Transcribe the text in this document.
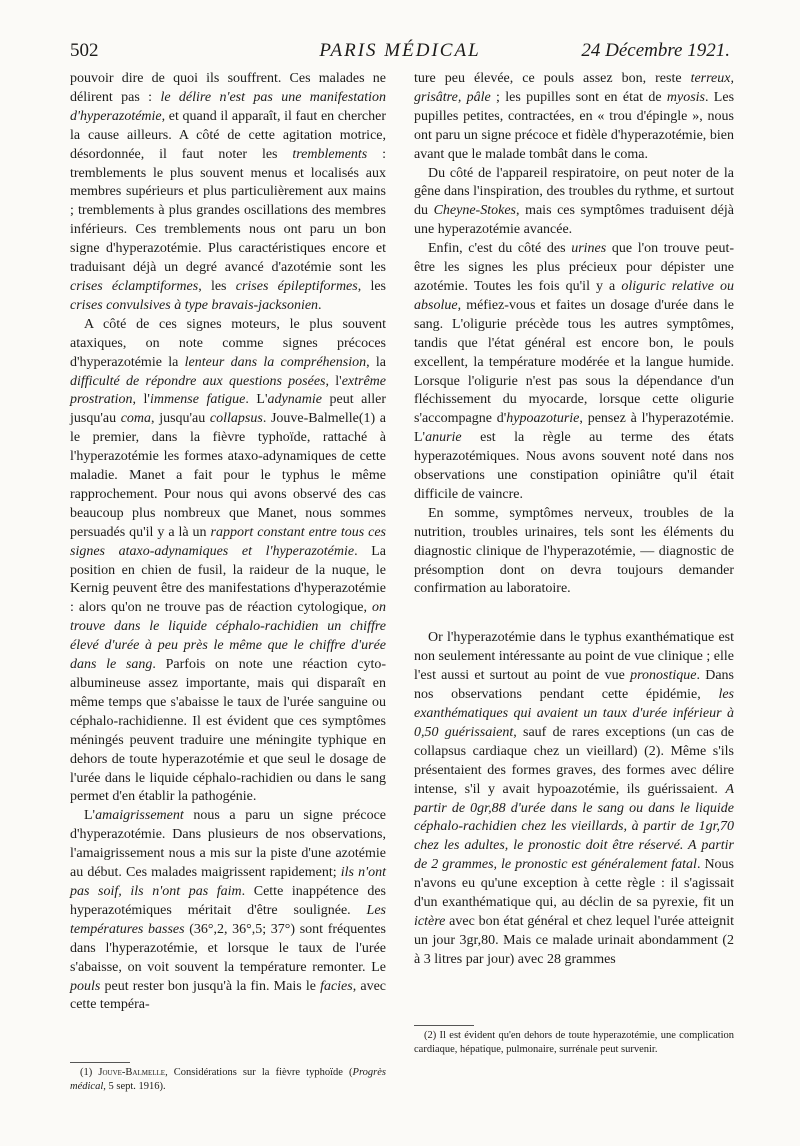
502	PARIS MÉDICAL	24 Décembre 1921.

pouvoir dire de quoi ils souffrent. Ces malades ne délirent pas : le délire n'est pas une manifestation d'hyperazotémie, et quand il apparaît, il faut en chercher la cause ailleurs. A côté de cette agitation motrice, désordonnée, il faut noter les tremblements : tremblements le plus souvent menus et localisés aux membres supérieurs et plus particulièrement aux mains ; tremblements à plus grandes oscillations des membres inférieurs. Ces tremblements nous ont paru un bon signe d'hyperazotémie. Plus caractéristiques encore et traduisant déjà un degré avancé d'azotémie sont les crises éclamptiformes, les crises épileptiformes, les crises convulsives à type bravais-jacksonien.

A côté de ces signes moteurs, le plus souvent ataxiques, on note comme signes précoces d'hyperazotémie la lenteur dans la compréhension, la difficulté de répondre aux questions posées, l'extrême prostration, l'immense fatigue. L'adynamie peut aller jusqu'au coma, jusqu'au collapsus. Jouve-Balmelle(1) a le premier, dans la fièvre typhoïde, rattaché à l'hyperazotémie les formes ataxo-adynamiques de cette maladie. Manet a fait pour le typhus le même rapprochement. Pour nous qui avons observé des cas beaucoup plus nombreux que Manet, nous sommes persuadés qu'il y a là un rapport constant entre tous ces signes ataxo-adynamiques et l'hyperazotémie. La position en chien de fusil, la raideur de la nuque, le Kernig peuvent être des manifestations d'hyperazotémie : alors qu'on ne trouve pas de réaction cytologique, on trouve dans le liquide céphalo-rachidien un chiffre élevé d'urée à peu près le même que le chiffre d'urée dans le sang. Parfois on note une réaction cyto-albumineuse assez importante, mais qui disparaît en même temps que s'abaisse le taux de l'urée sanguine ou céphalo-rachidienne. Il est évident que ces symptômes méningés peuvent traduire une méningite typhique en dehors de toute hyperazotémie et que seul le dosage de l'urée dans le liquide céphalo-rachidien ou dans le sang permet d'en établir la pathogénie.

L'amaigrissement nous a paru un signe précoce d'hyperazotémie. Dans plusieurs de nos observations, l'amaigrissement nous a mis sur la piste d'une azotémie au début. Ces malades maigrissent rapidement; ils n'ont pas soif, ils n'ont pas faim. Cette inappétence des hyperazotémiques méritait d'être soulignée. Les températures basses (36°,2, 36°,5; 37°) sont fréquentes dans l'hyperazotémie, et lorsque le taux de l'urée s'abaisse, on voit souvent la température remonter. Le pouls peut rester bon jusqu'à la fin. Mais le facies, avec cette tempéra-

ture peu élevée, ce pouls assez bon, reste terreux, grisâtre, pâle ; les pupilles sont en état de myosis. Les pupilles petites, contractées, en « trou d'épingle », nous ont paru un signe précoce et fidèle d'hyperazotémie, bien avant que le malade tombât dans le coma.

Du côté de l'appareil respiratoire, on peut noter de la gêne dans l'inspiration, des troubles du rythme, et surtout du Cheyne-Stokes, mais ces symptômes traduisent déjà une hyperazotémie avancée.

Enfin, c'est du côté des urines que l'on trouve peut-être les signes les plus précieux pour dépister une azotémie. Toutes les fois qu'il y a oliguric relative ou absolue, méfiez-vous et faites un dosage d'urée dans le sang. L'oligurie précède tous les autres symptômes, tandis que l'état général est encore bon, le pouls excellent, la température modérée et la langue humide. Lorsque l'oligurie n'est pas sous la dépendance d'un fléchissement du myocarde, lorsque cette oligurie s'accompagne d'hypoazoturie, pensez à l'hyperazotémie. L'anurie est la règle au terme des états hyperazotémiques. Nous avons souvent noté dans nos observations une constipation opiniâtre qu'il était difficile de vaincre.

En somme, symptômes nerveux, troubles de la nutrition, troubles urinaires, tels sont les éléments du diagnostic clinique de l'hyperazotémie, — diagnostic de présomption dont on devra toujours demander confirmation au laboratoire.

Or l'hyperazotémie dans le typhus exanthématique est non seulement intéressante au point de vue clinique ; elle l'est aussi et surtout au point de vue pronostique. Dans nos observations pendant cette épidémie, les exanthématiques qui avaient un taux d'urée inférieur à 0,50 guérissaient, sauf de rares exceptions (un cas de collapsus cardiaque chez un vieillard) (2). Même s'ils présentaient des formes graves, des formes avec délire intense, s'il y avait hypoazotémie, ils guérissaient. A partir de 0gr,88 d'urée dans le sang ou dans le liquide céphalo-rachidien chez les vieillards, à partir de 1gr,70 chez les adultes, le pronostic doit être réservé. A partir de 2 grammes, le pronostic est généralement fatal. Nous n'avons eu qu'une exception à cette règle : il s'agissait d'un exanthématique qui, au déclin de sa pyrexie, fit un ictère avec bon état général et chez lequel l'urée atteignit un jour 3gr,80. Mais ce malade urinait abondamment (2 à 3 litres par jour) avec 28 grammes

(1) Jouve-Balmelle, Considérations sur la fièvre typhoïde (Progrès médical, 5 sept. 1916).

(2) Il est évident qu'en dehors de toute hyperazotémie, une complication cardiaque, hépatique, pulmonaire, surrénale peut survenir.
